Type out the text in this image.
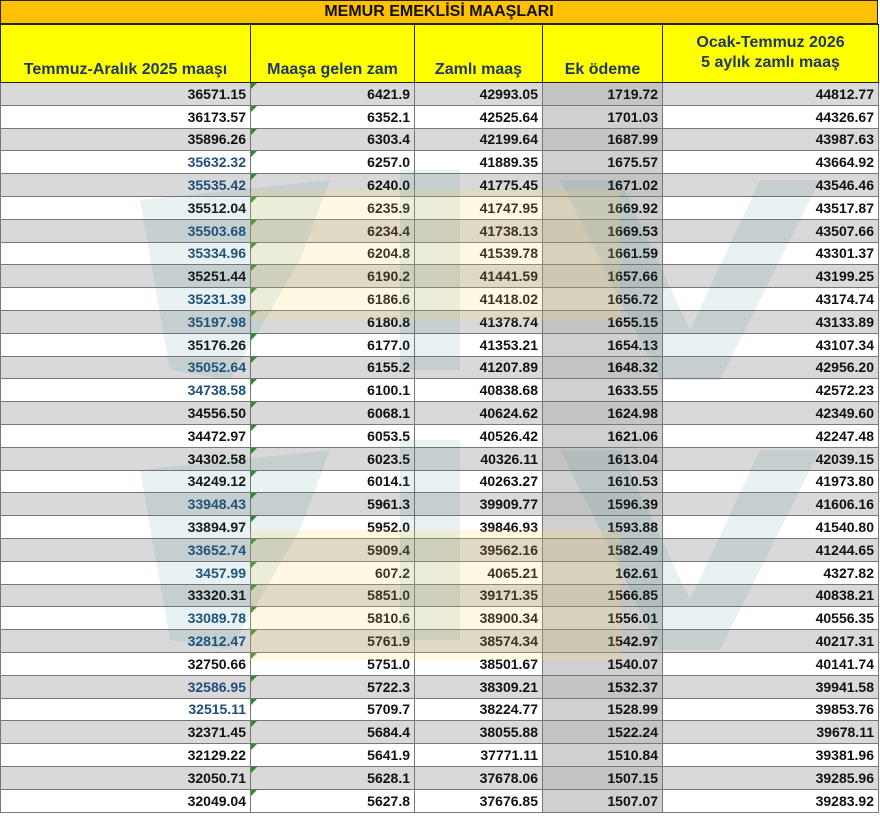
MEMUR EMEKLİSİ MAAŞLARI
Temmuz-Aralık 2025 maaşı	Maaşa gelen zam	Zamlı maaş	Ek ödeme	Ocak-Temmuz 2026
5 aylık zamlı maaş

36571.15	6421.9	42993.05	1719.72	44812.77
36173.57	6352.1	42525.64	1701.03	44326.67
35896.26	6303.4	42199.64	1687.99	43987.63
35632.32	6257.0	41889.35	1675.57	43664.92
35535.42	6240.0	41775.45	1671.02	43546.46
35512.04	6235.9	41747.95	1669.92	43517.87
35503.68	6234.4	41738.13	1669.53	43507.66
35334.96	6204.8	41539.78	1661.59	43301.37
35251.44	6190.2	41441.59	1657.66	43199.25
35231.39	6186.6	41418.02	1656.72	43174.74
35197.98	6180.8	41378.74	1655.15	43133.89
35176.26	6177.0	41353.21	1654.13	43107.34
35052.64	6155.2	41207.89	1648.32	42956.20
34738.58	6100.1	40838.68	1633.55	42572.23
34556.50	6068.1	40624.62	1624.98	42349.60
34472.97	6053.5	40526.42	1621.06	42247.48
34302.58	6023.5	40326.11	1613.04	42039.15
34249.12	6014.1	40263.27	1610.53	41973.80
33948.43	5961.3	39909.77	1596.39	41606.16
33894.97	5952.0	39846.93	1593.88	41540.80
33652.74	5909.4	39562.16	1582.49	41244.65
3457.99	607.2	4065.21	162.61	4327.82
33320.31	5851.0	39171.35	1566.85	40838.21
33089.78	5810.6	38900.34	1556.01	40556.35
32812.47	5761.9	38574.34	1542.97	40217.31
32750.66	5751.0	38501.67	1540.07	40141.74
32586.95	5722.3	38309.21	1532.37	39941.58
32515.11	5709.7	38224.77	1528.99	39853.76
32371.45	5684.4	38055.88	1522.24	39678.11
32129.22	5641.9	37771.11	1510.84	39381.96
32050.71	5628.1	37678.06	1507.15	39285.96
32049.04	5627.8	37676.85	1507.07	39283.92
